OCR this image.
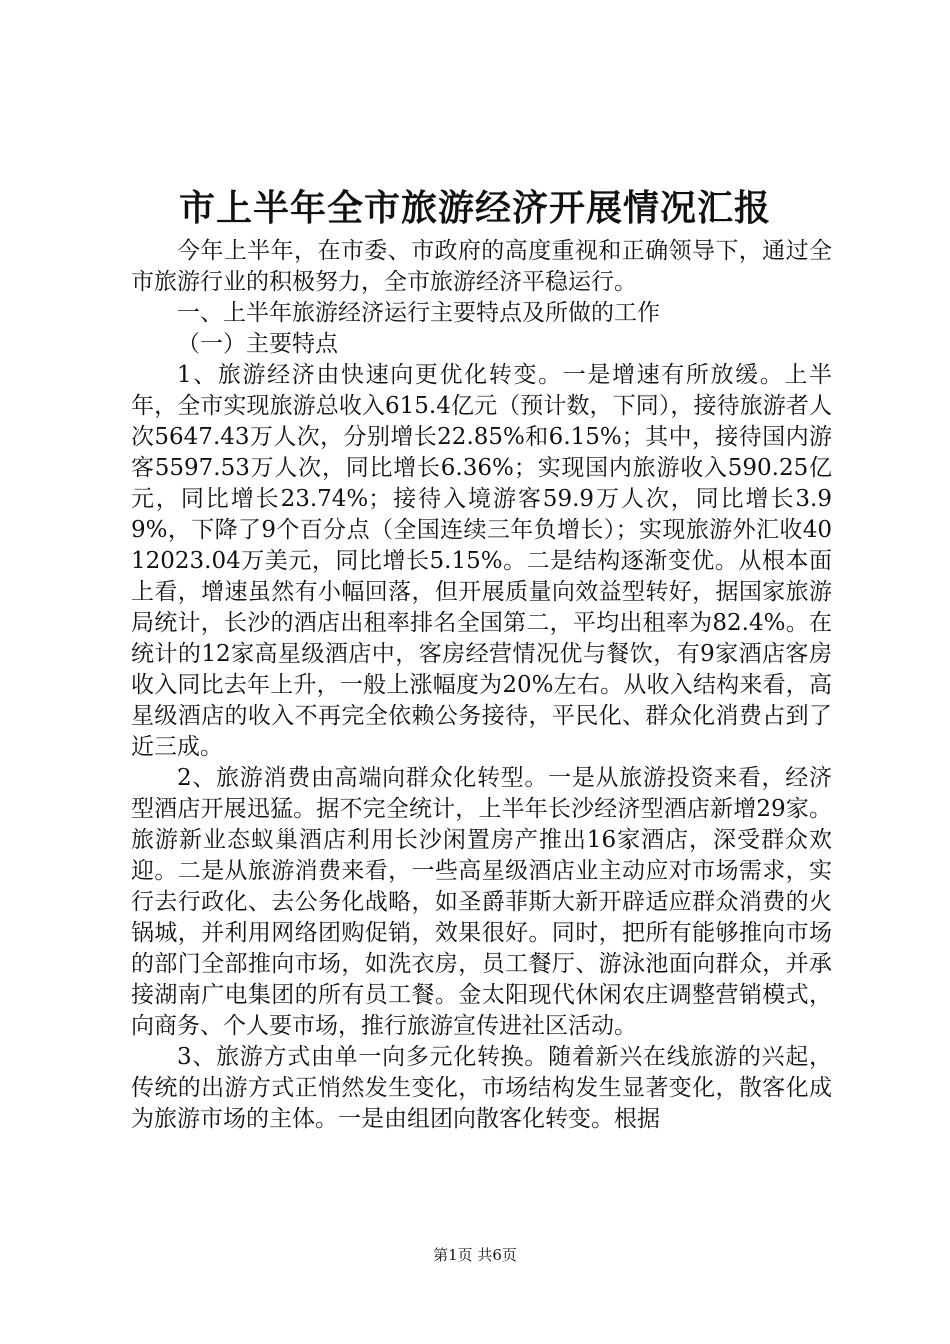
市上半年全市旅游经济开展情况汇报

今年上半年，在市委、市政府的高度重视和正确领导下，通过全市旅游行业的积极努力，全市旅游经济平稳运行。

一、上半年旅游经济运行主要特点及所做的工作

（一）主要特点

1、旅游经济由快速向更优化转变。一是增速有所放缓。上半年，全市实现旅游总收入615.4亿元（预计数，下同），接待旅游者人次5647.43万人次，分别增长22.85%和6.15%；其中，接待国内游客5597.53万人次，同比增长6.36%；实现国内旅游收入590.25亿元，同比增长23.74%；接待入境游客59.9万人次，同比增长3.99%，下降了9个百分点（全国连续三年负增长）；实现旅游外汇收4012023.04万美元，同比增长5.15%。二是结构逐渐变优。从根本面上看，增速虽然有小幅回落，但开展质量向效益型转好，据国家旅游局统计，长沙的酒店出租率排名全国第二，平均出租率为82.4%。在统计的12家高星级酒店中，客房经营情况优与餐饮，有9家酒店客房收入同比去年上升，一般上涨幅度为20%左右。从收入结构来看，高星级酒店的收入不再完全依赖公务接待，平民化、群众化消费占到了近三成。

2、旅游消费由高端向群众化转型。一是从旅游投资来看，经济型酒店开展迅猛。据不完全统计，上半年长沙经济型酒店新增29家。旅游新业态蚁巢酒店利用长沙闲置房产推出16家酒店，深受群众欢迎。二是从旅游消费来看，一些高星级酒店业主动应对市场需求，实行去行政化、去公务化战略，如圣爵菲斯大新开辟适应群众消费的火锅城，并利用网络团购促销，效果很好。同时，把所有能够推向市场的部门全部推向市场，如洗衣房，员工餐厅、游泳池面向群众，并承接湖南广电集团的所有员工餐。金太阳现代休闲农庄调整营销模式，向商务、个人要市场，推行旅游宣传进社区活动。

3、旅游方式由单一向多元化转换。随着新兴在线旅游的兴起，传统的出游方式正悄然发生变化，市场结构发生显著变化，散客化成为旅游市场的主体。一是由组团向散客化转变。根据

第1页 共6页
